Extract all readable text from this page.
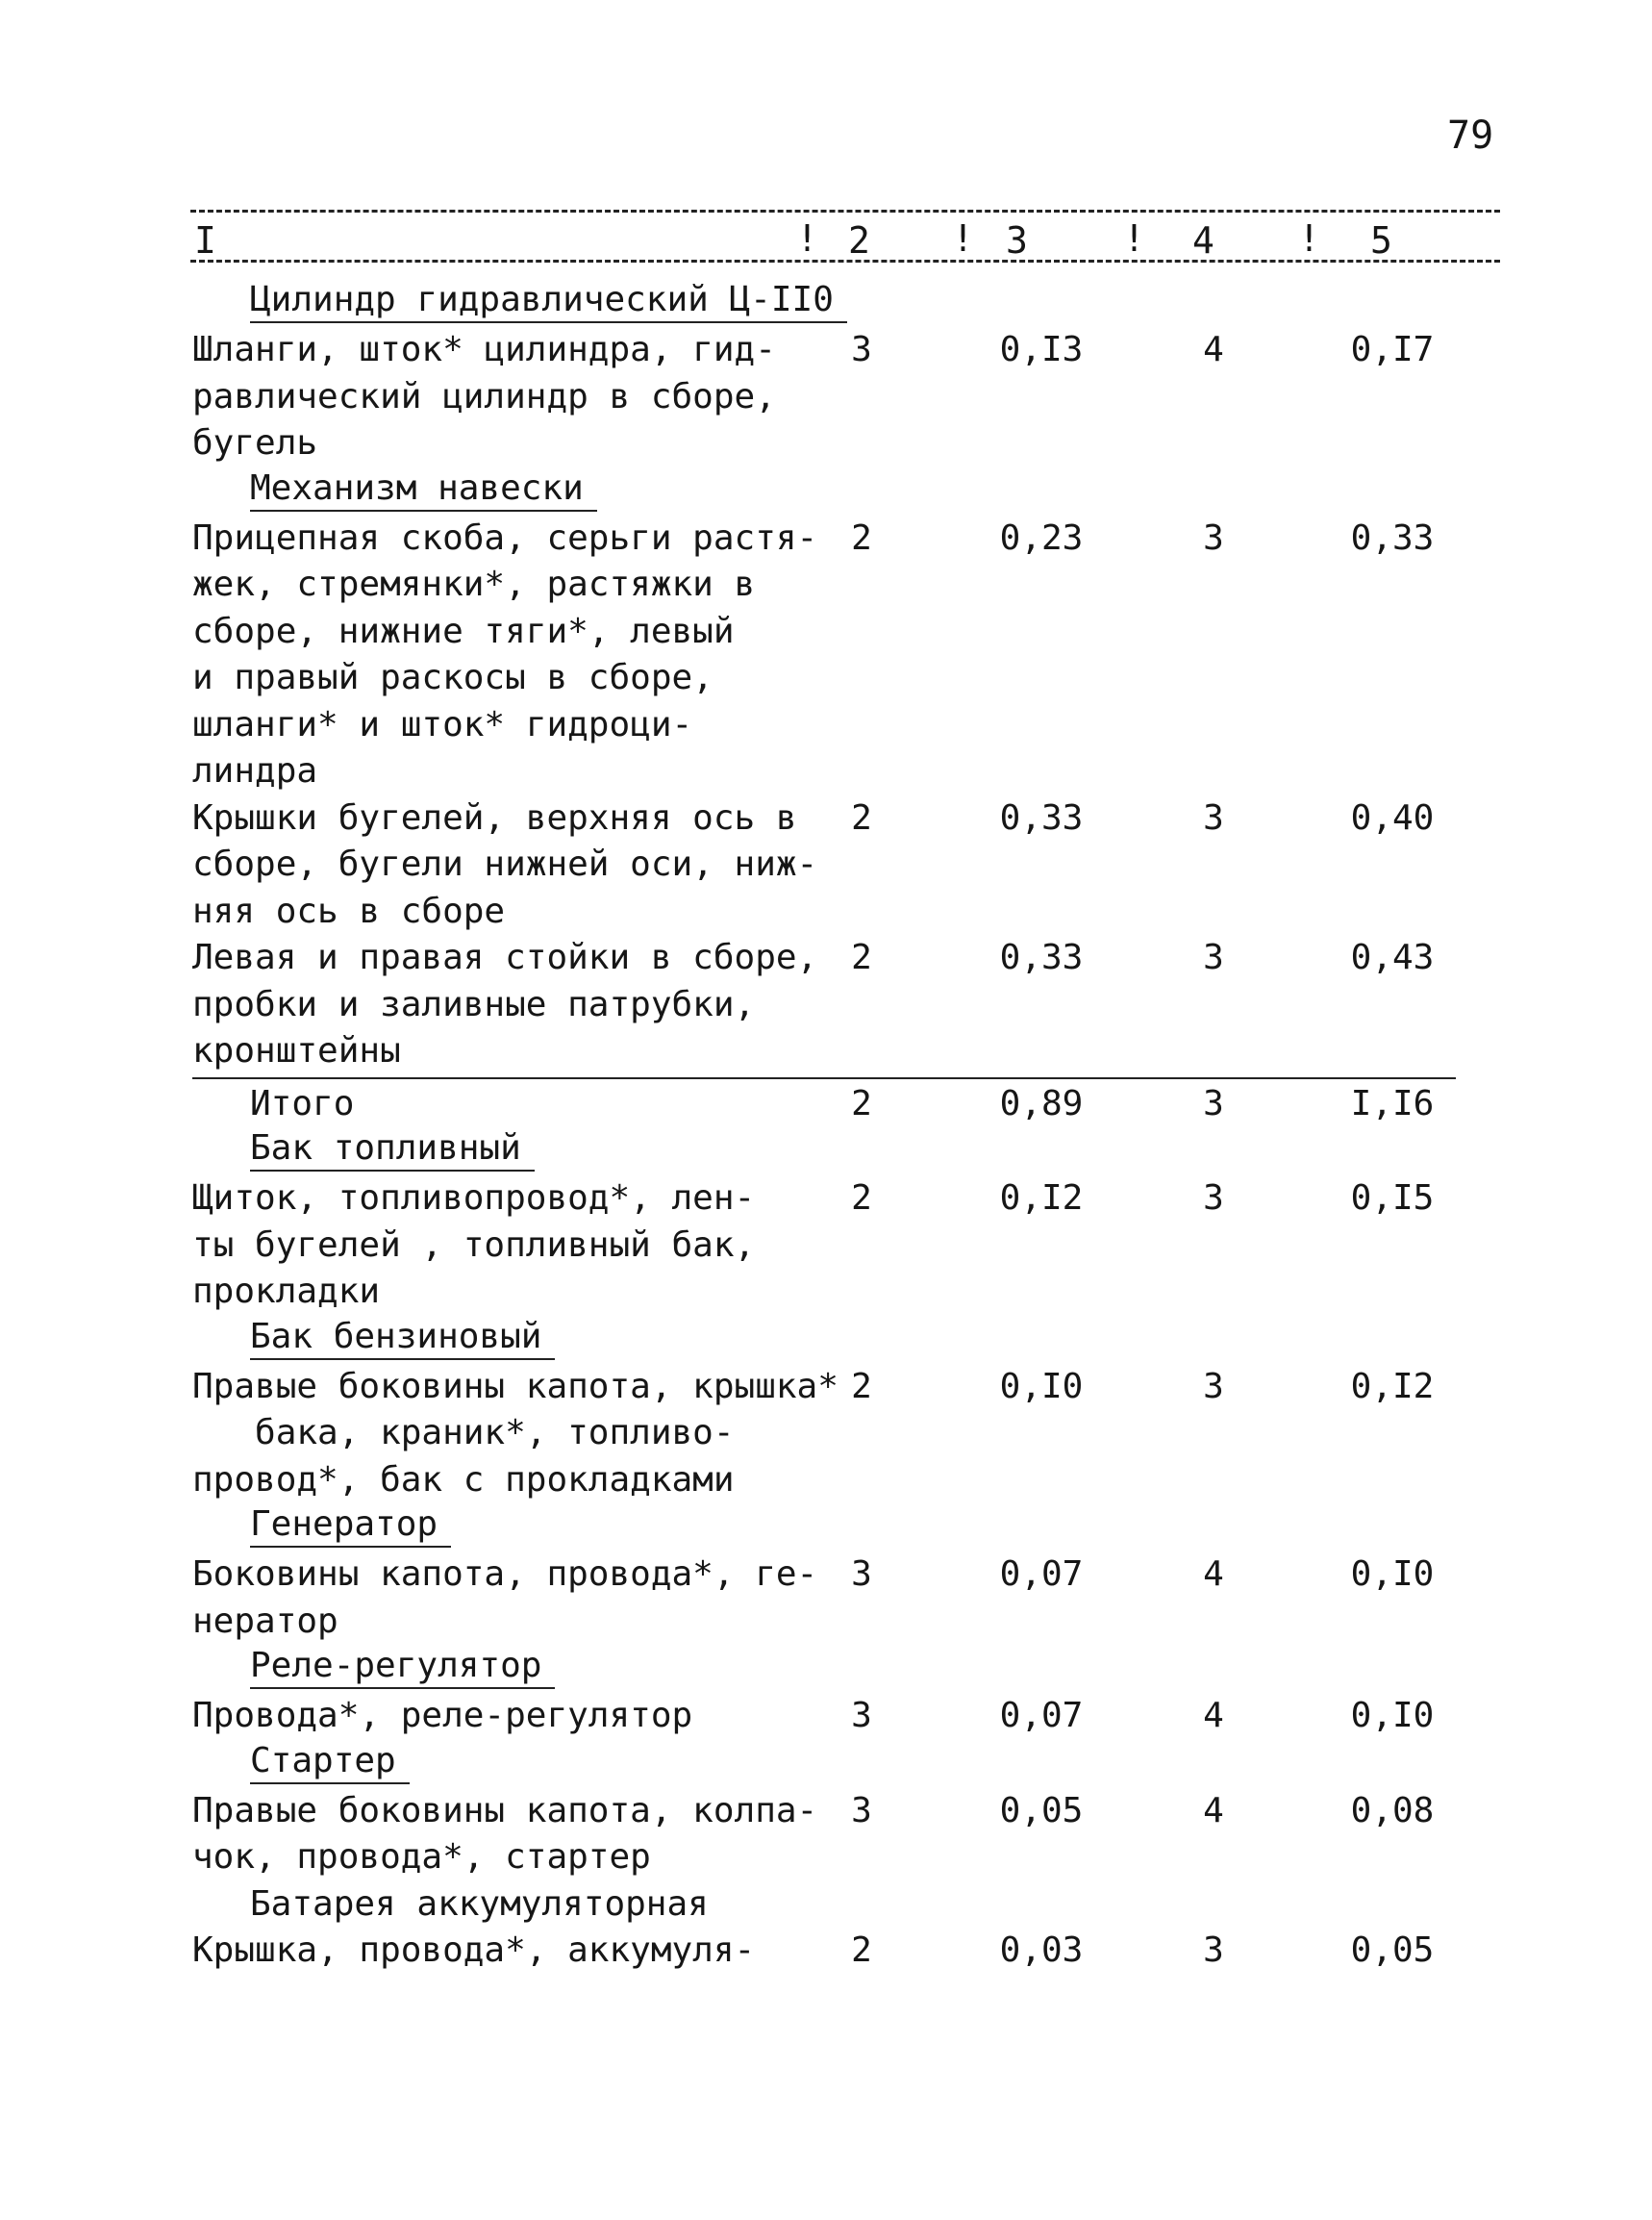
79
I	! 2 ! 3	! 4 ! 5
Цилиндр гидравлический Ц-II0
Шланги, шток* цилиндра, гид-
равлический цилиндр в сборе,
бугель
3	0,I3	4	0,I7
Механизм навески
Прицепная скоба, серьги растя-
жек, стремянки*, растяжки в
сборе, нижние тяги*, левый
и правый раскосы в сборе,
шланги* и шток* гидроци-
линдра
2	0,23	3	0,33
Крышки бугелей, верхняя ось в
сборе, бугели нижней оси, ниж-
няя ось в сборе
2	0,33	3	0,40
Левая и правая стойки в сборе,
пробки и заливные патрубки,
кронштейны
2	0,33	3	0,43
Итого	2	0,89	3	I,I6
Бак топливный
Щиток, топливопровод*, лен-
ты бугелей , топливный бак,
прокладки
2	0,I2	3	0,I5
Бак бензиновый
Правые боковины капота, крышка*
бака, краник*, топливо-
провод*, бак с прокладками
2	0,I0	3	0,I2
Генератор
Боковины капота, провода*, ге-
нератор
3	0,07	4	0,I0
Реле-регулятор
Провода*, реле-регулятор	3	0,07	4	0,I0
Стартер
Правые боковины капота, колпа-
чок, провода*, стартер
3	0,05	4	0,08
Батарея аккумуляторная
Крышка, провода*, аккумуля-	2	0,03	3	0,05
